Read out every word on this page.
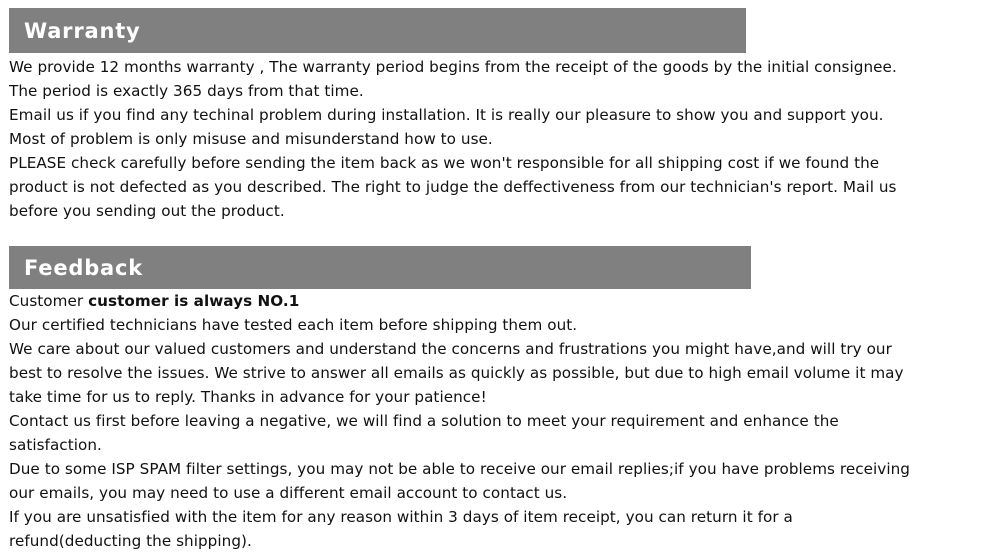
Warranty
We provide 12 months warranty , The warranty period begins from the receipt of the goods by the initial consignee.
The period is exactly 365 days from that time.
Email us if you find any techinal problem during installation. It is really our pleasure to show you and support you.
Most of problem is only misuse and misunderstand how to use.
PLEASE check carefully before sending the item back as we won't responsible for all shipping cost if we found the
product is not defected as you described. The right to judge the deffectiveness from our technician's report. Mail us
before you sending out the product.
Feedback
Customer customer is always NO.1
Our certified technicians have tested each item before shipping them out.
We care about our valued customers and understand the concerns and frustrations you might have,and will try our
best to resolve the issues. We strive to answer all emails as quickly as possible, but due to high email volume it may
take time for us to reply. Thanks in advance for your patience!
Contact us first before leaving a negative, we will find a solution to meet your requirement and enhance the
satisfaction.
Due to some ISP SPAM filter settings, you may not be able to receive our email replies;if you have problems receiving
our emails, you may need to use a different email account to contact us.
If you are unsatisfied with the item for any reason within 3 days of item receipt, you can return it for a
refund(deducting the shipping).
